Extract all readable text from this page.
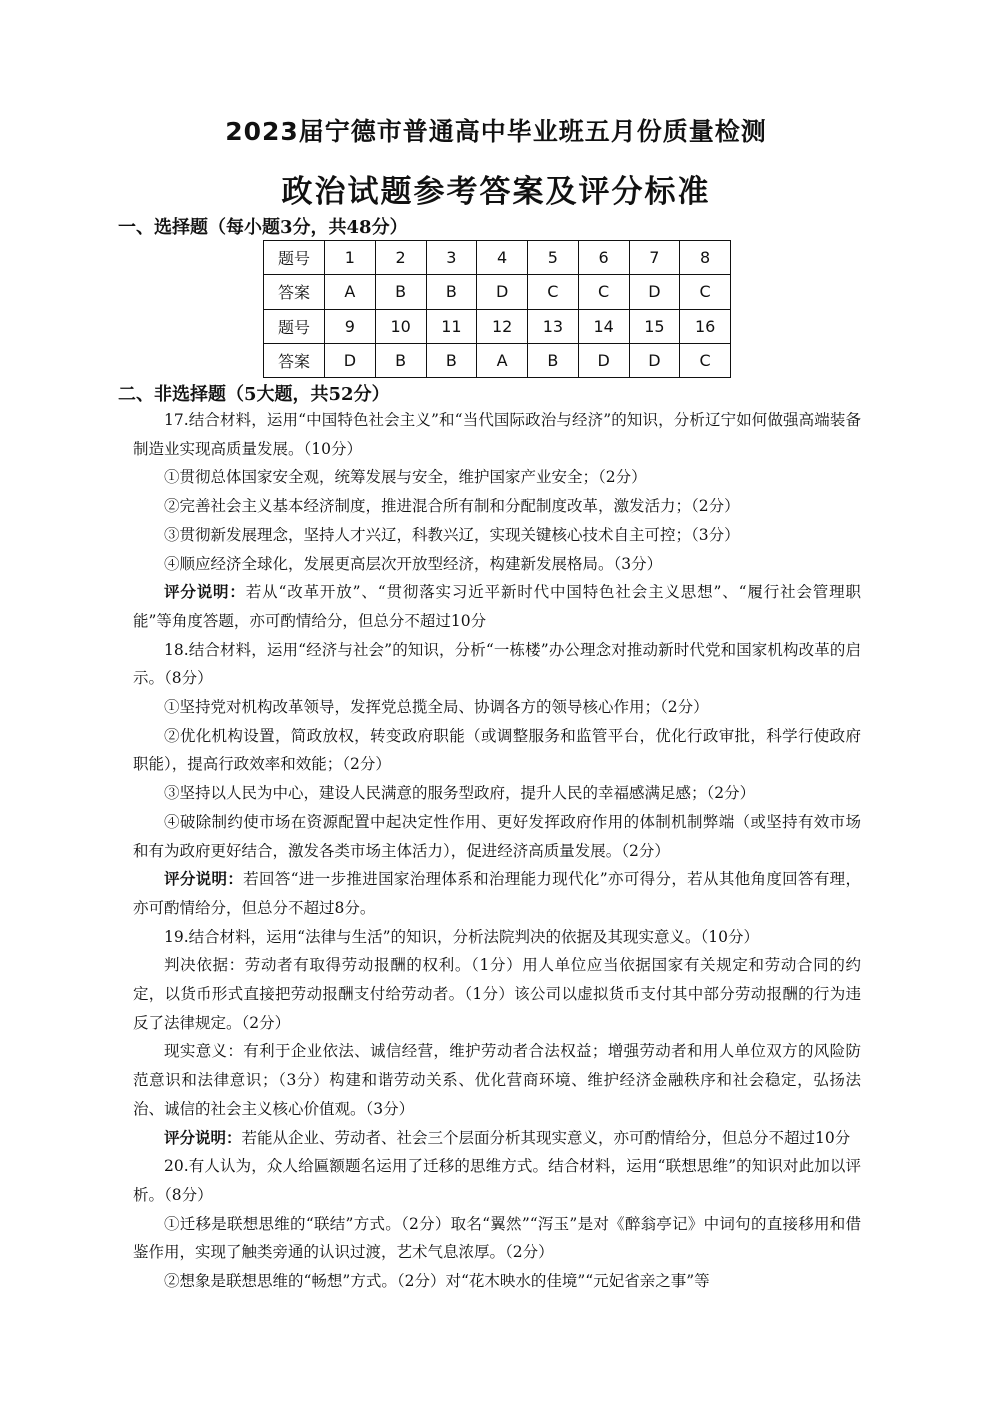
2023届宁德市普通高中毕业班五月份质量检测
政治试题参考答案及评分标准
一、选择题（每小题3分，共48分）
题号	1	2	3	4	5	6	7	8
答案	A	B	B	D	C	C	D	C
题号	9	10	11	12	13	14	15	16
答案	D	B	B	A	B	D	D	C
二、非选择题（5大题，共52分）

17.结合材料，运用“中国特色社会主义”和“当代国际政治与经济”的知识，分析辽宁如何做强高端装备制造业实现高质量发展。（10分）

①贯彻总体国家安全观，统筹发展与安全，维护国家产业安全；（2分）

②完善社会主义基本经济制度，推进混合所有制和分配制度改革，激发活力；（2分）

③贯彻新发展理念，坚持人才兴辽，科教兴辽，实现关键核心技术自主可控；（3分）

④顺应经济全球化，发展更高层次开放型经济，构建新发展格局。（3分）

评分说明：若从“改革开放”、“贯彻落实习近平新时代中国特色社会主义思想”、“履行社会管理职能”等角度答题，亦可酌情给分，但总分不超过10分

18.结合材料，运用“经济与社会”的知识，分析“一栋楼”办公理念对推动新时代党和国家机构改革的启示。（8分）

①坚持党对机构改革领导，发挥党总揽全局、协调各方的领导核心作用；（2分）

②优化机构设置，简政放权，转变政府职能（或调整服务和监管平台，优化行政审批，科学行使政府职能），提高行政效率和效能；（2分）

③坚持以人民为中心，建设人民满意的服务型政府，提升人民的幸福感满足感；（2分）

④破除制约使市场在资源配置中起决定性作用、更好发挥政府作用的体制机制弊端（或坚持有效市场和有为政府更好结合，激发各类市场主体活力），促进经济高质量发展。（2分）

评分说明：若回答“进一步推进国家治理体系和治理能力现代化”亦可得分，若从其他角度回答有理，亦可酌情给分，但总分不超过8分。

19.结合材料，运用“法律与生活”的知识，分析法院判决的依据及其现实意义。（10分）

判决依据：劳动者有取得劳动报酬的权利。（1分）用人单位应当依据国家有关规定和劳动合同的约定，以货币形式直接把劳动报酬支付给劳动者。（1分）该公司以虚拟货币支付其中部分劳动报酬的行为违反了法律规定。（2分）

现实意义：有利于企业依法、诚信经营，维护劳动者合法权益；增强劳动者和用人单位双方的风险防范意识和法律意识；（3分）构建和谐劳动关系、优化营商环境、维护经济金融秩序和社会稳定，弘扬法治、诚信的社会主义核心价值观。（3分）

评分说明：若能从企业、劳动者、社会三个层面分析其现实意义，亦可酌情给分，但总分不超过10分

20.有人认为，众人给匾额题名运用了迁移的思维方式。结合材料，运用“联想思维”的知识对此加以评析。（8分）

①迁移是联想思维的“联结”方式。（2分）取名“翼然”“泻玉”是对《醉翁亭记》中词句的直接移用和借鉴作用，实现了触类旁通的认识过渡，艺术气息浓厚。（2分）

②想象是联想思维的“畅想”方式。（2分）对“花木映水的佳境”“元妃省亲之事”等
